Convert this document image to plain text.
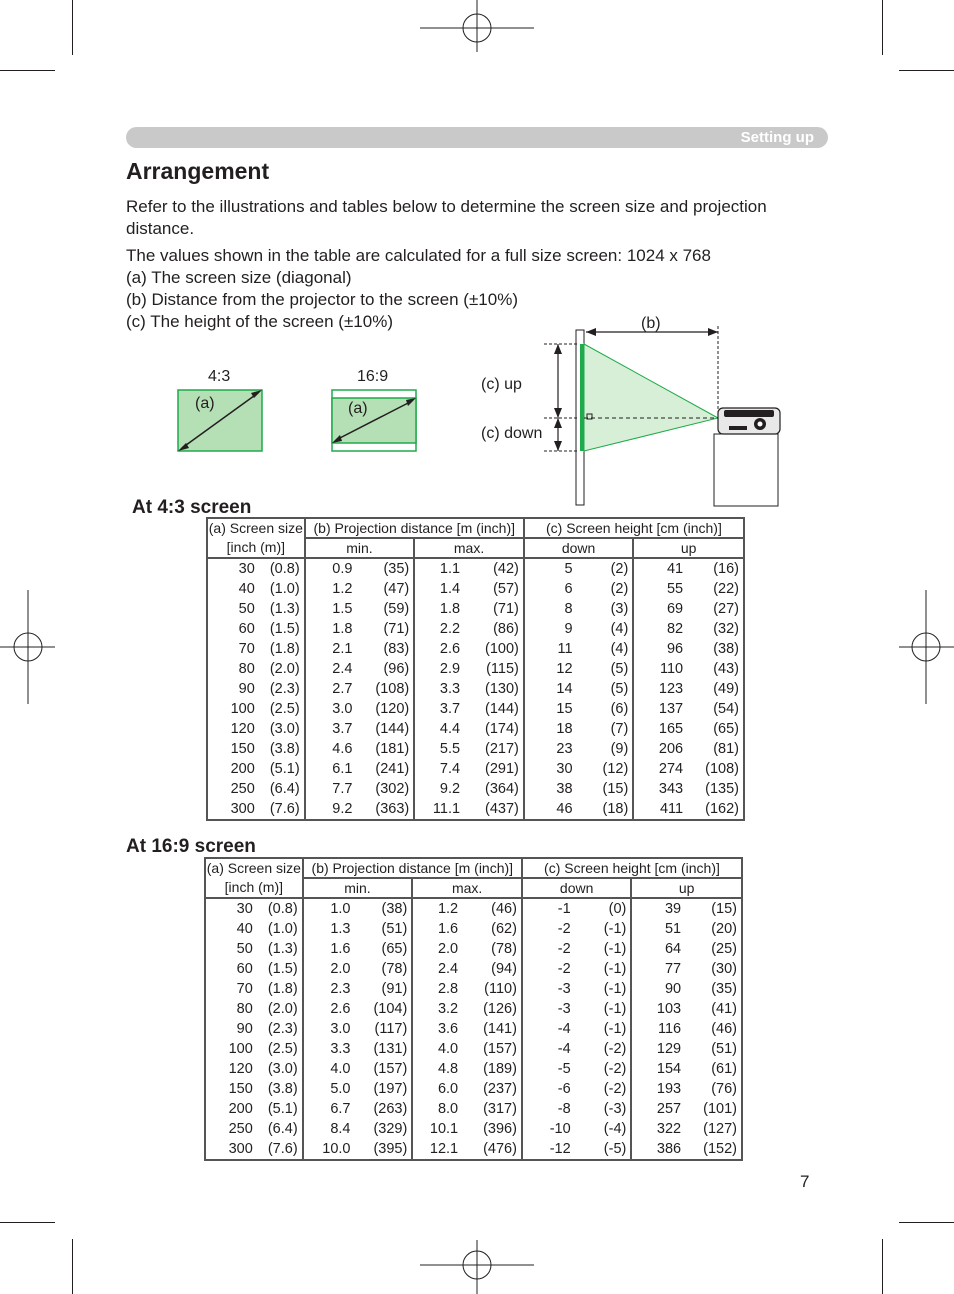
Setting up
Arrangement
Refer to the illustrations and tables below to determine the screen size and projection distance.
The values shown in the table are calculated for a full size screen: 1024 x 768
(a) The screen size (diagonal)
(b) Distance from the projector to the screen (±10%)
(c) The height of the screen (±10%)
4:3	16:9
(a)	(a)
(b)
(c) up
(c) down
At 4:3 screen
(a) Screen size		(b) Projection distance [m (inch)]				(c) Screen height [cm (inch)]			
[inch (m)]		min.		max.		down		up	
30	(0.8)	0.9	(35)	1.1	(42)	5	(2)	41	(16)
40	(1.0)	1.2	(47)	1.4	(57)	6	(2)	55	(22)
50	(1.3)	1.5	(59)	1.8	(71)	8	(3)	69	(27)
60	(1.5)	1.8	(71)	2.2	(86)	9	(4)	82	(32)
70	(1.8)	2.1	(83)	2.6	(100)	11	(4)	96	(38)
80	(2.0)	2.4	(96)	2.9	(115)	12	(5)	110	(43)
90	(2.3)	2.7	(108)	3.3	(130)	14	(5)	123	(49)
100	(2.5)	3.0	(120)	3.7	(144)	15	(6)	137	(54)
120	(3.0)	3.7	(144)	4.4	(174)	18	(7)	165	(65)
150	(3.8)	4.6	(181)	5.5	(217)	23	(9)	206	(81)
200	(5.1)	6.1	(241)	7.4	(291)	30	(12)	274	(108)
250	(6.4)	7.7	(302)	9.2	(364)	38	(15)	343	(135)
300	(7.6)	9.2	(363)	11.1	(437)	46	(18)	411	(162)
At 16:9 screen
(a) Screen size		(b) Projection distance [m (inch)]				(c) Screen height [cm (inch)]			
[inch (m)]		min.		max.		down		up	
30	(0.8)	1.0	(38)	1.2	(46)	-1	(0)	39	(15)
40	(1.0)	1.3	(51)	1.6	(62)	-2	(-1)	51	(20)
50	(1.3)	1.6	(65)	2.0	(78)	-2	(-1)	64	(25)
60	(1.5)	2.0	(78)	2.4	(94)	-2	(-1)	77	(30)
70	(1.8)	2.3	(91)	2.8	(110)	-3	(-1)	90	(35)
80	(2.0)	2.6	(104)	3.2	(126)	-3	(-1)	103	(41)
90	(2.3)	3.0	(117)	3.6	(141)	-4	(-1)	116	(46)
100	(2.5)	3.3	(131)	4.0	(157)	-4	(-2)	129	(51)
120	(3.0)	4.0	(157)	4.8	(189)	-5	(-2)	154	(61)
150	(3.8)	5.0	(197)	6.0	(237)	-6	(-2)	193	(76)
200	(5.1)	6.7	(263)	8.0	(317)	-8	(-3)	257	(101)
250	(6.4)	8.4	(329)	10.1	(396)	-10	(-4)	322	(127)
300	(7.6)	10.0	(395)	12.1	(476)	-12	(-5)	386	(152)
7
